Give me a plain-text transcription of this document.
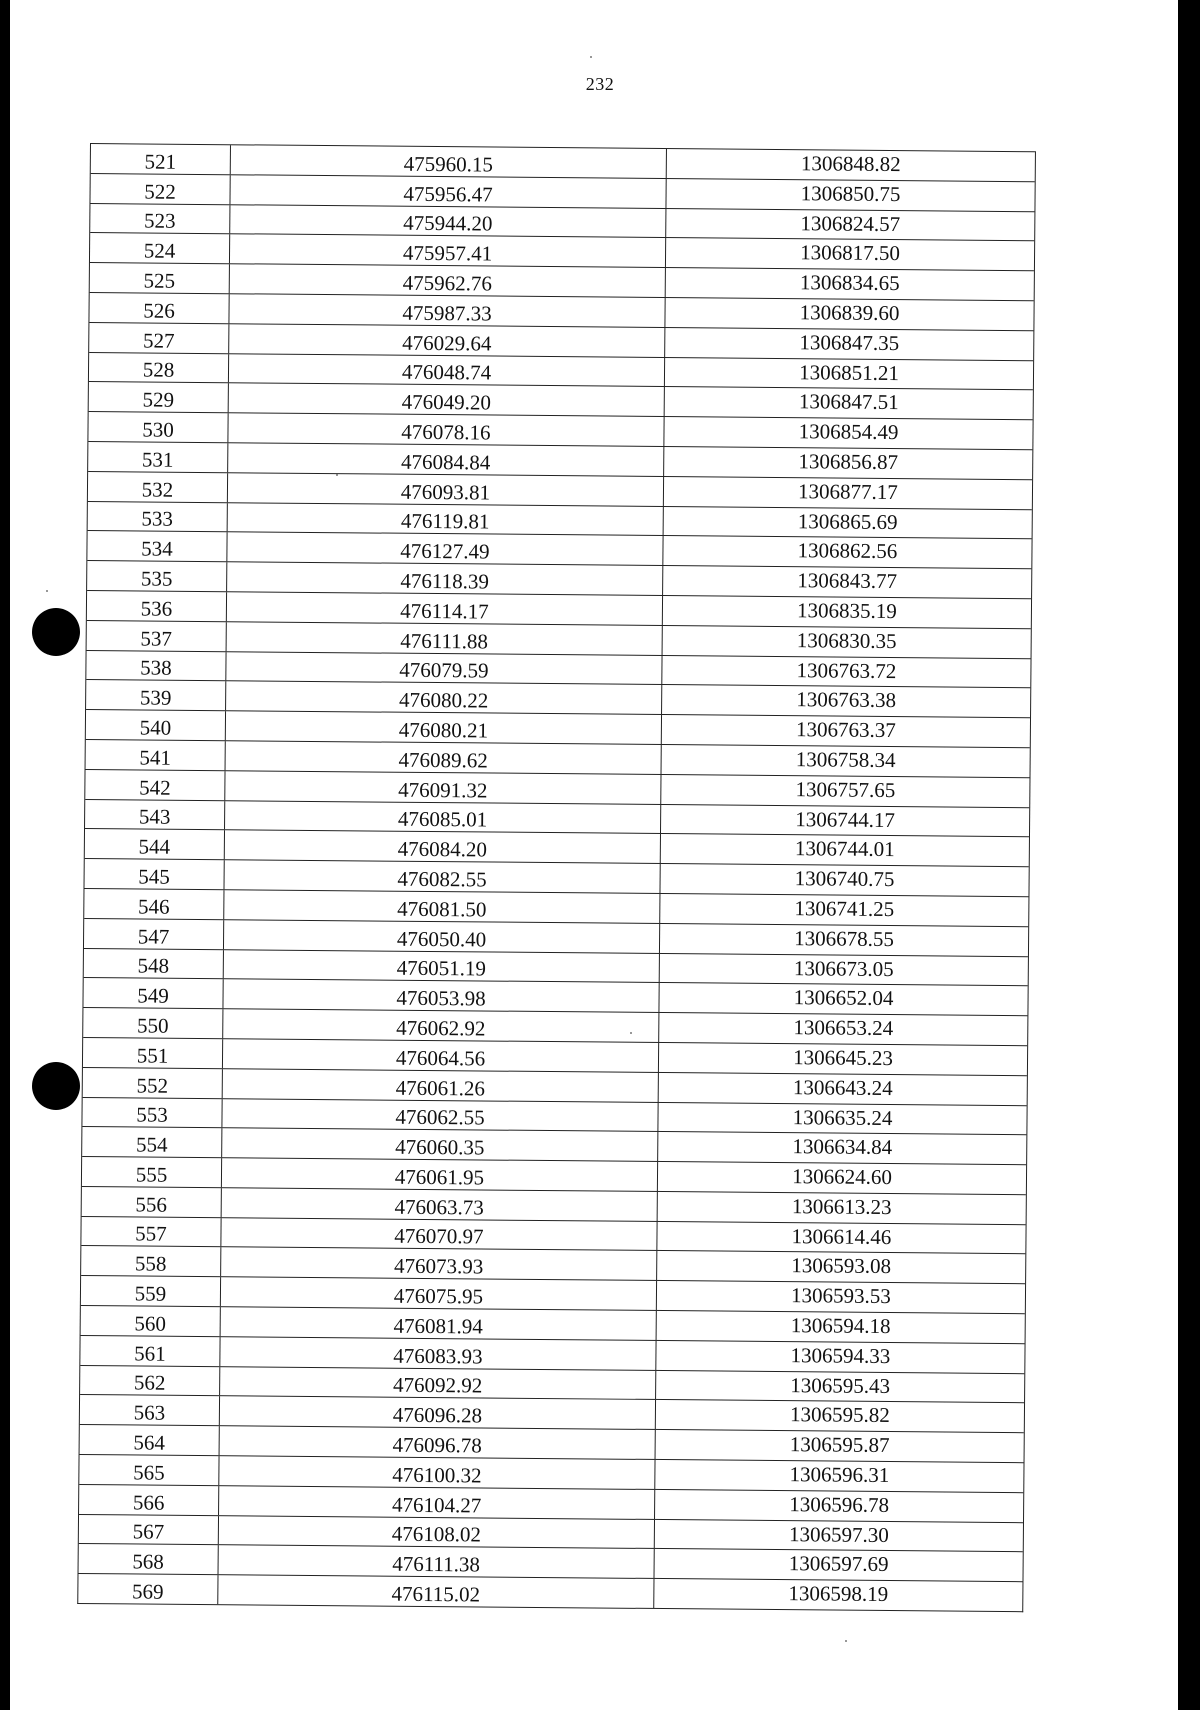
232
521	475960.15	1306848.82
522	475956.47	1306850.75
523	475944.20	1306824.57
524	475957.41	1306817.50
525	475962.76	1306834.65
526	475987.33	1306839.60
527	476029.64	1306847.35
528	476048.74	1306851.21
529	476049.20	1306847.51
530	476078.16	1306854.49
531	476084.84	1306856.87
532	476093.81	1306877.17
533	476119.81	1306865.69
534	476127.49	1306862.56
535	476118.39	1306843.77
536	476114.17	1306835.19
537	476111.88	1306830.35
538	476079.59	1306763.72
539	476080.22	1306763.38
540	476080.21	1306763.37
541	476089.62	1306758.34
542	476091.32	1306757.65
543	476085.01	1306744.17
544	476084.20	1306744.01
545	476082.55	1306740.75
546	476081.50	1306741.25
547	476050.40	1306678.55
548	476051.19	1306673.05
549	476053.98	1306652.04
550	476062.92	1306653.24
551	476064.56	1306645.23
552	476061.26	1306643.24
553	476062.55	1306635.24
554	476060.35	1306634.84
555	476061.95	1306624.60
556	476063.73	1306613.23
557	476070.97	1306614.46
558	476073.93	1306593.08
559	476075.95	1306593.53
560	476081.94	1306594.18
561	476083.93	1306594.33
562	476092.92	1306595.43
563	476096.28	1306595.82
564	476096.78	1306595.87
565	476100.32	1306596.31
566	476104.27	1306596.78
567	476108.02	1306597.30
568	476111.38	1306597.69
569	476115.02	1306598.19
